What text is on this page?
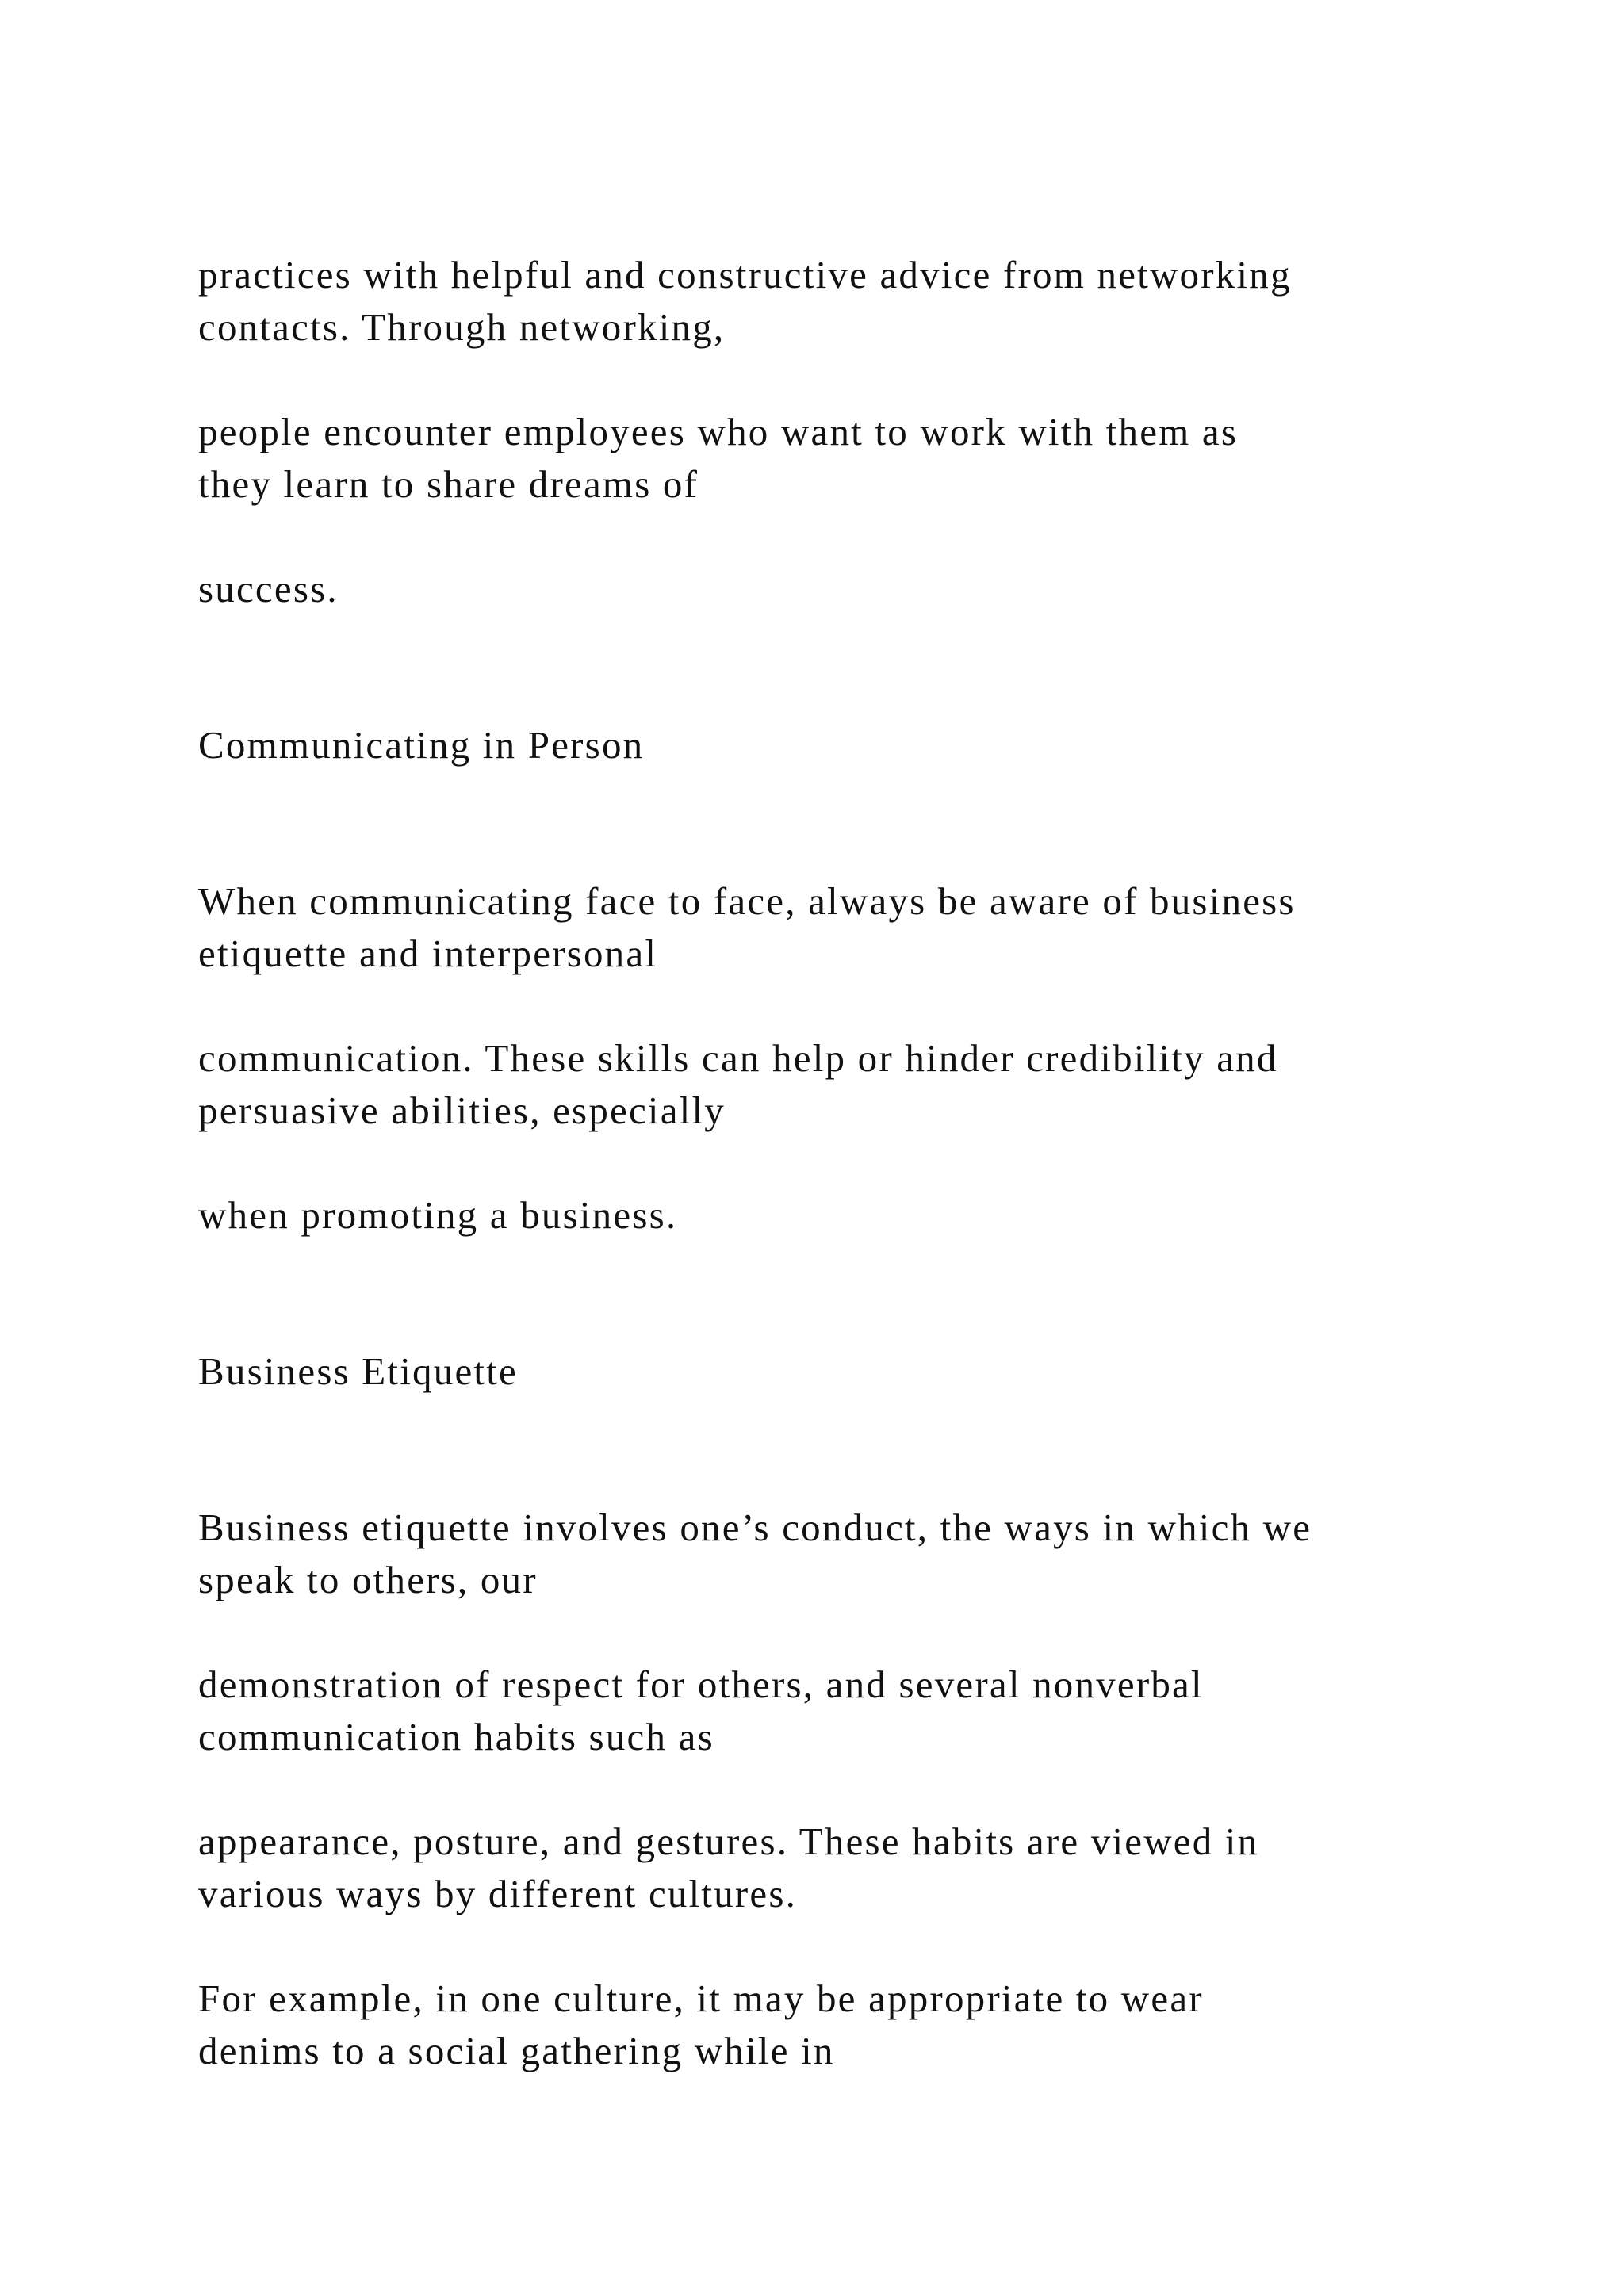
practices with helpful and constructive advice from networking
contacts. Through networking,

people encounter employees who want to work with them as
they learn to share dreams of

success.

Communicating in Person

When communicating face to face, always be aware of business
etiquette and interpersonal

communication. These skills can help or hinder credibility and
persuasive abilities, especially

when promoting a business.

Business Etiquette

Business etiquette involves one’s conduct, the ways in which we
speak to others, our

demonstration of respect for others, and several nonverbal
communication habits such as

appearance, posture, and gestures. These habits are viewed in
various ways by different cultures.

For example, in one culture, it may be appropriate to wear
denims to a social gathering while in
